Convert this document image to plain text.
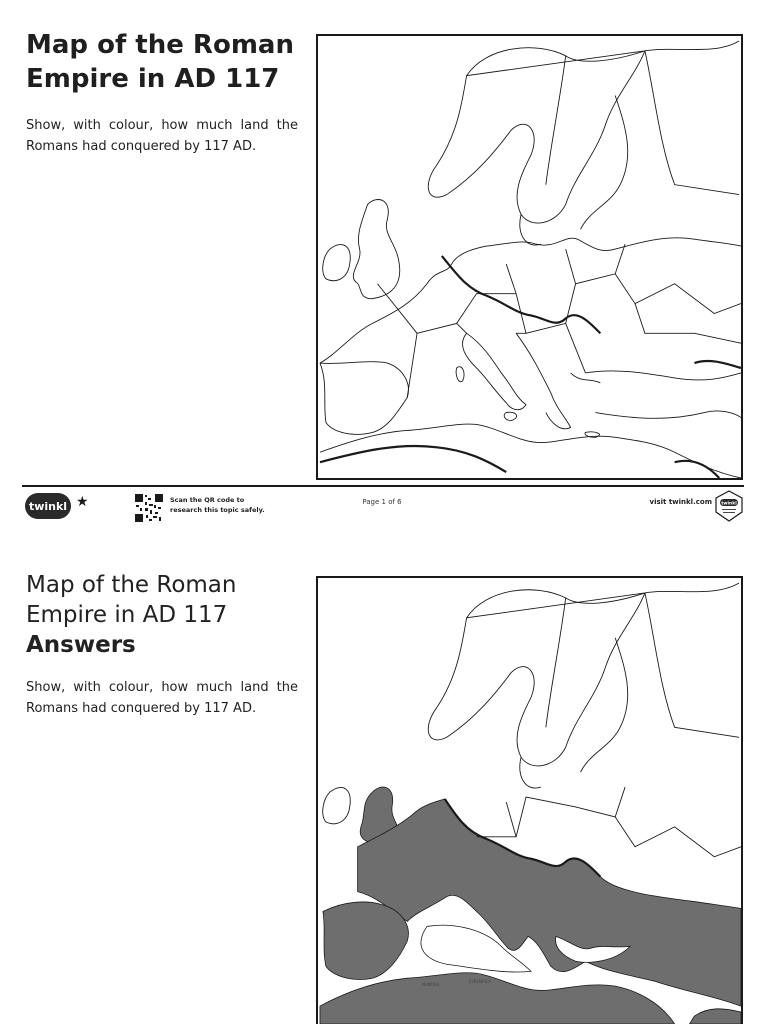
Map of the Roman Empire in AD 117

Show, with colour, how much land the Romans had conquered by 117 AD.

twinkl ★	Scan the QR code to
research this topic safely.
Page 1 of 6	visit twinkl.com twinkl
Map of the Roman Empire in AD 117
Answers

Show, with colour, how much land the Romans had conquered by 117 AD.

NUMIDIA
CYRENAICA
